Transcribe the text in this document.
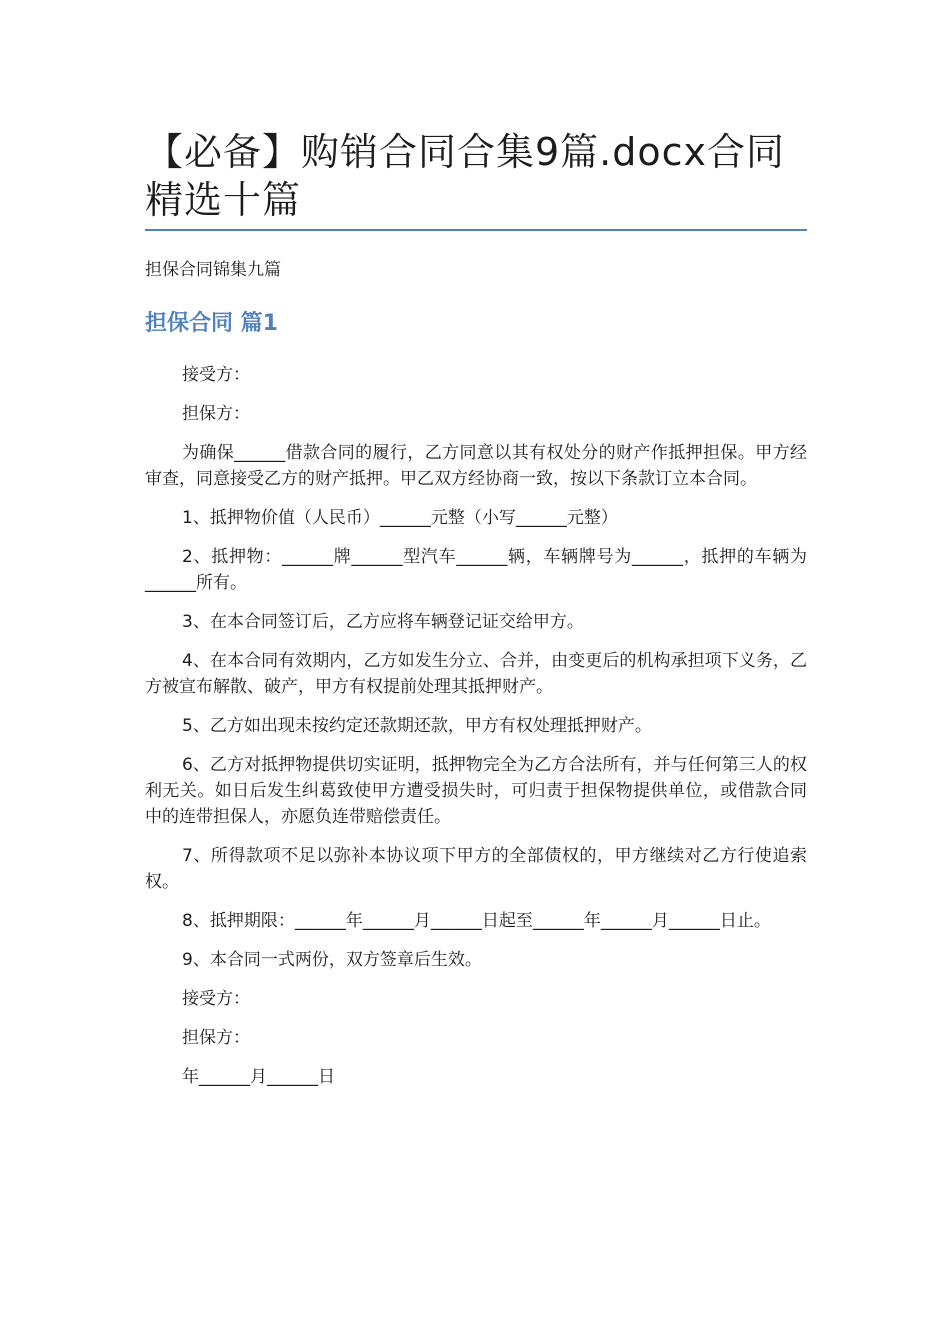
【必备】购销合同合集9篇.docx合同精选十篇
担保合同锦集九篇
担保合同 篇1

接受方：

担保方：

为确保______借款合同的履行，乙方同意以其有权处分的财产作抵押担保。甲方经审查，同意接受乙方的财产抵押。甲乙双方经协商一致，按以下条款订立本合同。

1、抵押物价值（人民币）______元整（小写______元整）

2、抵押物：______牌______型汽车______辆，车辆牌号为______，抵押的车辆为______所有。

3、在本合同签订后，乙方应将车辆登记证交给甲方。

4、在本合同有效期内，乙方如发生分立、合并，由变更后的机构承担项下义务，乙方被宣布解散、破产，甲方有权提前处理其抵押财产。

5、乙方如出现未按约定还款期还款，甲方有权处理抵押财产。

6、乙方对抵押物提供切实证明，抵押物完全为乙方合法所有，并与任何第三人的权利无关。如日后发生纠葛致使甲方遭受损失时，可归责于担保物提供单位，或借款合同中的连带担保人，亦愿负连带赔偿责任。

7、所得款项不足以弥补本协议项下甲方的全部债权的，甲方继续对乙方行使追索权。

8、抵押期限：______年______月______日起至______年______月______日止。

9、本合同一式两份，双方签章后生效。

接受方：

担保方：

年______月______日
